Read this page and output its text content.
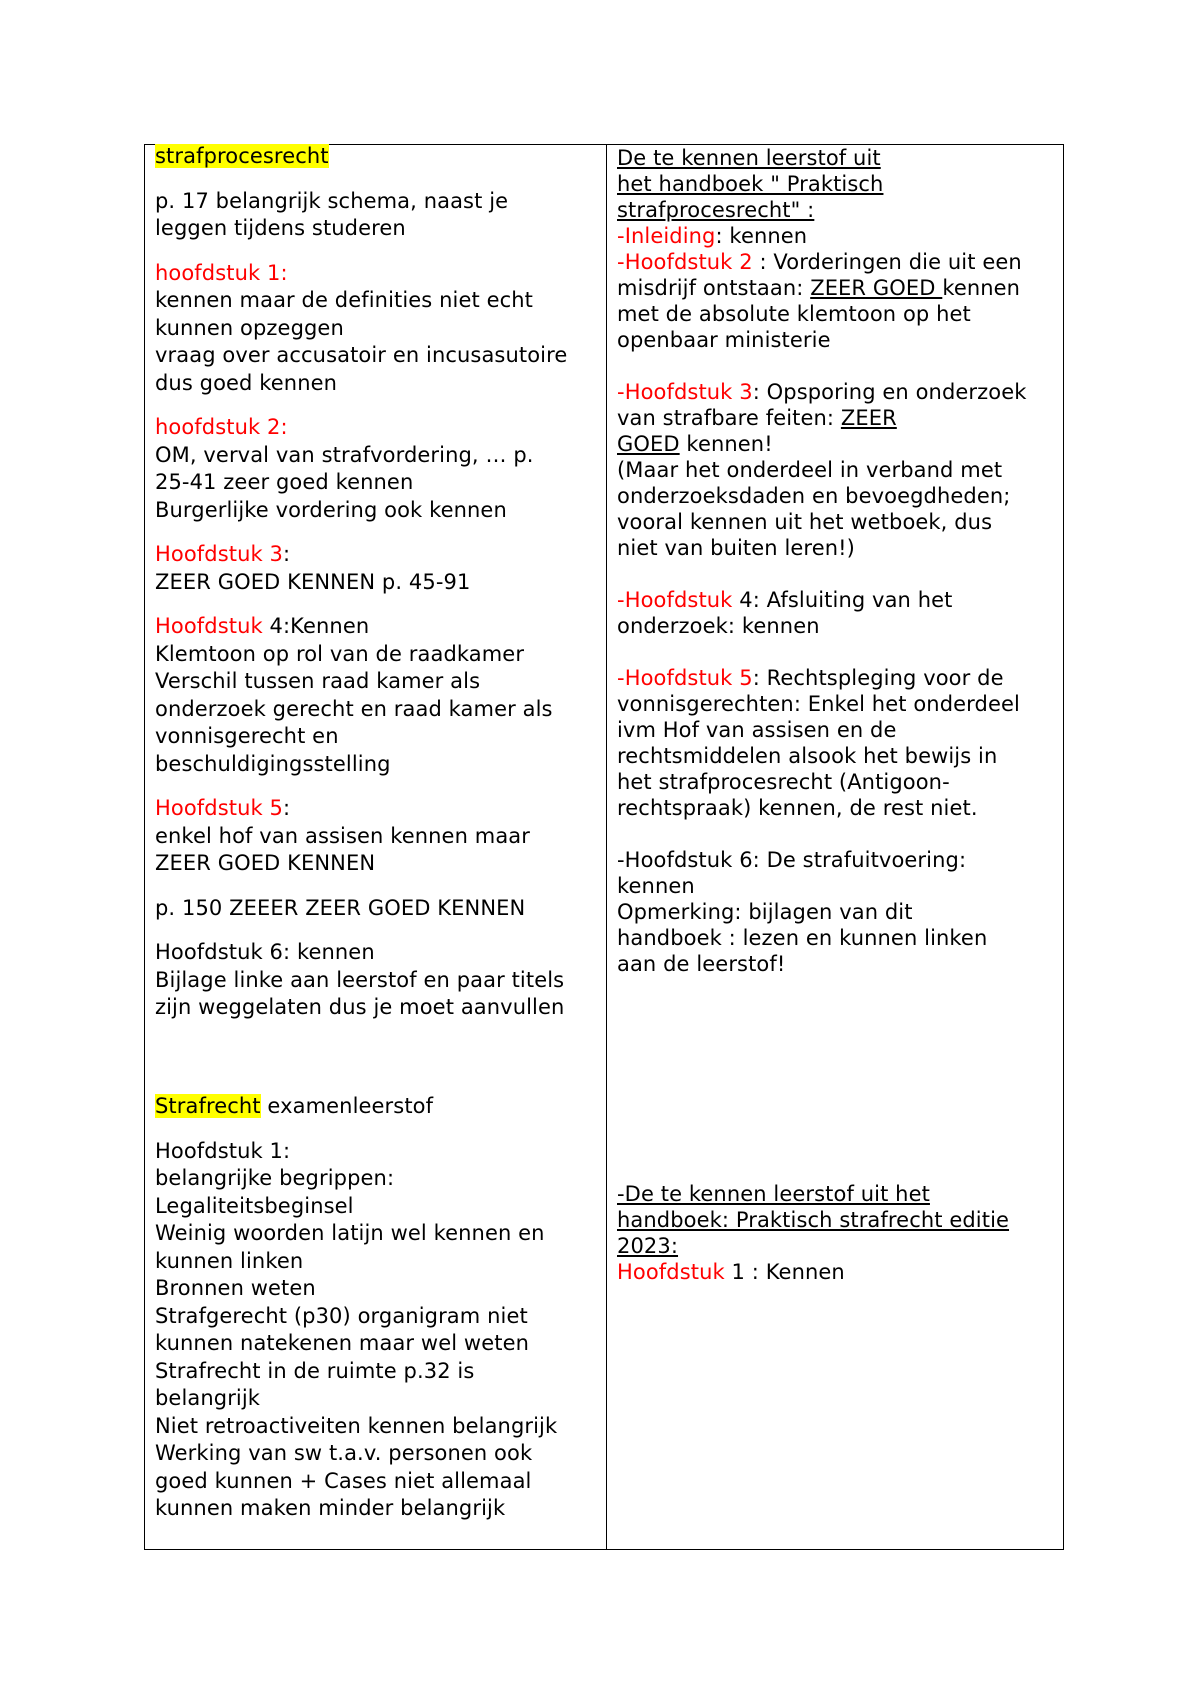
strafprocesrecht

p. 17 belangrijk schema, naast je

leggen tijdens studeren

hoofdstuk 1:

kennen maar de definities niet echt

kunnen opzeggen

vraag over accusatoir en incusasutoire

dus goed kennen

hoofdstuk 2:

OM, verval van strafvordering, … p.

25-41 zeer goed kennen

Burgerlijke vordering ook kennen

Hoofdstuk 3:

ZEER GOED KENNEN p. 45-91

Hoofdstuk 4:Kennen

Klemtoon op rol van de raadkamer

Verschil tussen raad kamer als

onderzoek gerecht en raad kamer als

vonnisgerecht en

beschuldigingsstelling

Hoofdstuk 5:

enkel hof van assisen kennen maar

ZEER GOED KENNEN

p. 150 ZEEER ZEER GOED KENNEN

Hoofdstuk 6: kennen

Bijlage linke aan leerstof en paar titels

zijn weggelaten dus je moet aanvullen

Strafrecht examenleerstof

Hoofdstuk 1:

belangrijke begrippen:

Legaliteitsbeginsel

Weinig woorden latijn wel kennen en

kunnen linken

Bronnen weten

Strafgerecht (p30) organigram niet

kunnen natekenen maar wel weten

Strafrecht in de ruimte p.32 is

belangrijk

Niet retroactiveiten kennen belangrijk

Werking van sw t.a.v. personen ook

goed kunnen + Cases niet allemaal

kunnen maken minder belangrijk

De te kennen leerstof uit

het handboek " Praktisch

strafprocesrecht" :

-Inleiding: kennen

-Hoofdstuk 2 : Vorderingen die uit een

misdrijf ontstaan: ZEER GOED kennen

met de absolute klemtoon op het

openbaar ministerie

-Hoofdstuk 3: Opsporing en onderzoek

van strafbare feiten: ZEER

GOED kennen!

(Maar het onderdeel in verband met

onderzoeksdaden en bevoegdheden;

vooral kennen uit het wetboek, dus

niet van buiten leren!)

-Hoofdstuk 4: Afsluiting van het

onderzoek: kennen

-Hoofdstuk 5: Rechtspleging voor de

vonnisgerechten: Enkel het onderdeel

ivm Hof van assisen en de

rechtsmiddelen alsook het bewijs in

het strafprocesrecht (Antigoon-

rechtspraak) kennen, de rest niet.

-Hoofdstuk 6: De strafuitvoering:

kennen

Opmerking: bijlagen van dit

handboek : lezen en kunnen linken

aan de leerstof!

-De te kennen leerstof uit het

handboek: Praktisch strafrecht editie

2023:

Hoofdstuk 1 : Kennen
